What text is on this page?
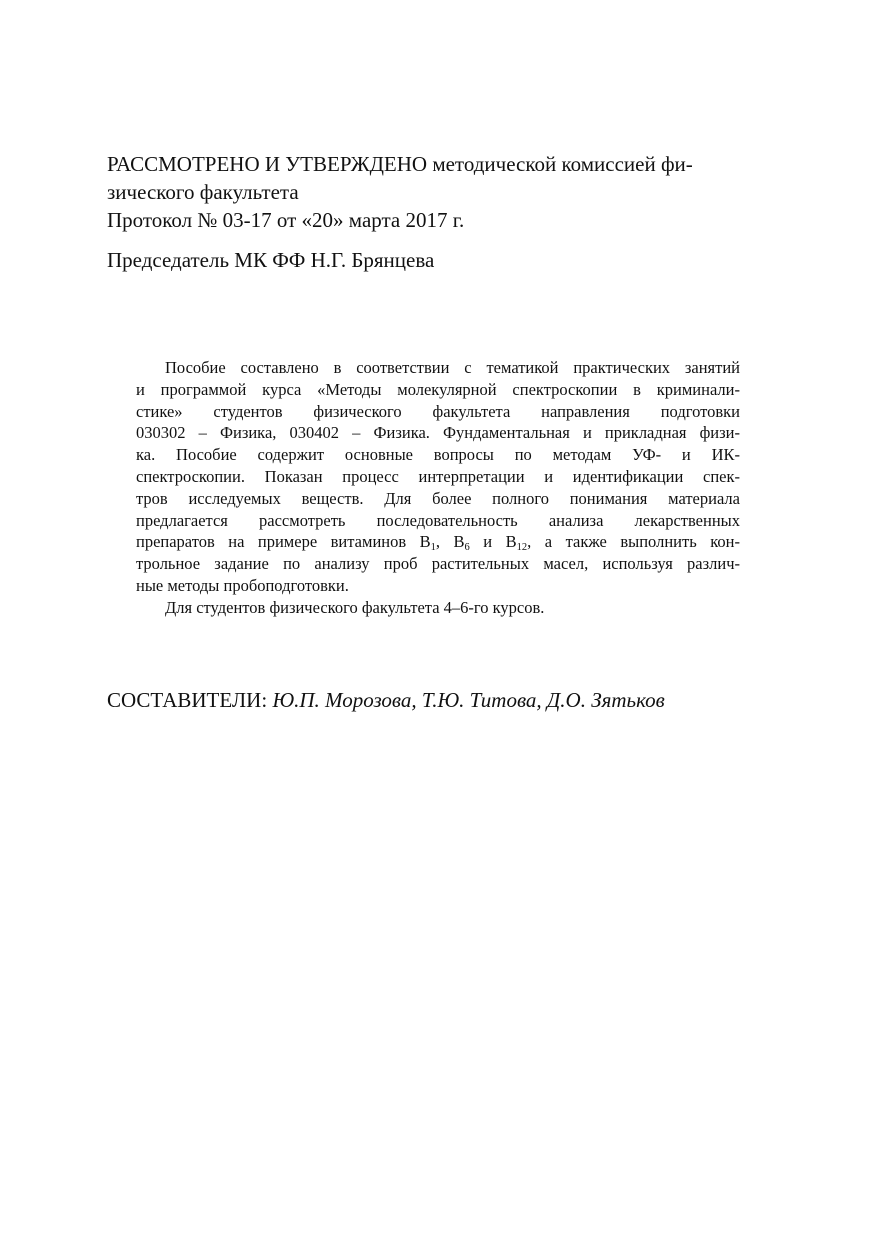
РАССМОТРЕНО И УТВЕРЖДЕНО методической комиссией фи-
зического факультета
Протокол № 03-17 от «20» марта 2017 г.
Председатель МК ФФ Н.Г. Брянцева
Пособие составлено в соответствии с тематикой практических занятий
и программой курса «Методы молекулярной спектроскопии в криминали-
стике» студентов физического факультета направления подготовки
030302 – Физика, 030402 – Физика. Фундаментальная и прикладная физи-
ка. Пособие содержит основные вопросы по методам УФ- и ИК-
спектроскопии. Показан процесс интерпретации и идентификации спек-
тров исследуемых веществ. Для более полного понимания материала
предлагается рассмотреть последовательность анализа лекарственных
препаратов на примере витаминов $B_1$, $B_6$ и $B_{12}$, а также выполнить кон-
трольное задание по анализу проб растительных масел, используя различ-
ные методы пробоподготовки.
Для студентов физического факультета 4–6-го курсов.
СОСТАВИТЕЛИ: Ю.П. Морозова, Т.Ю. Титова, Д.О. Зятьков
